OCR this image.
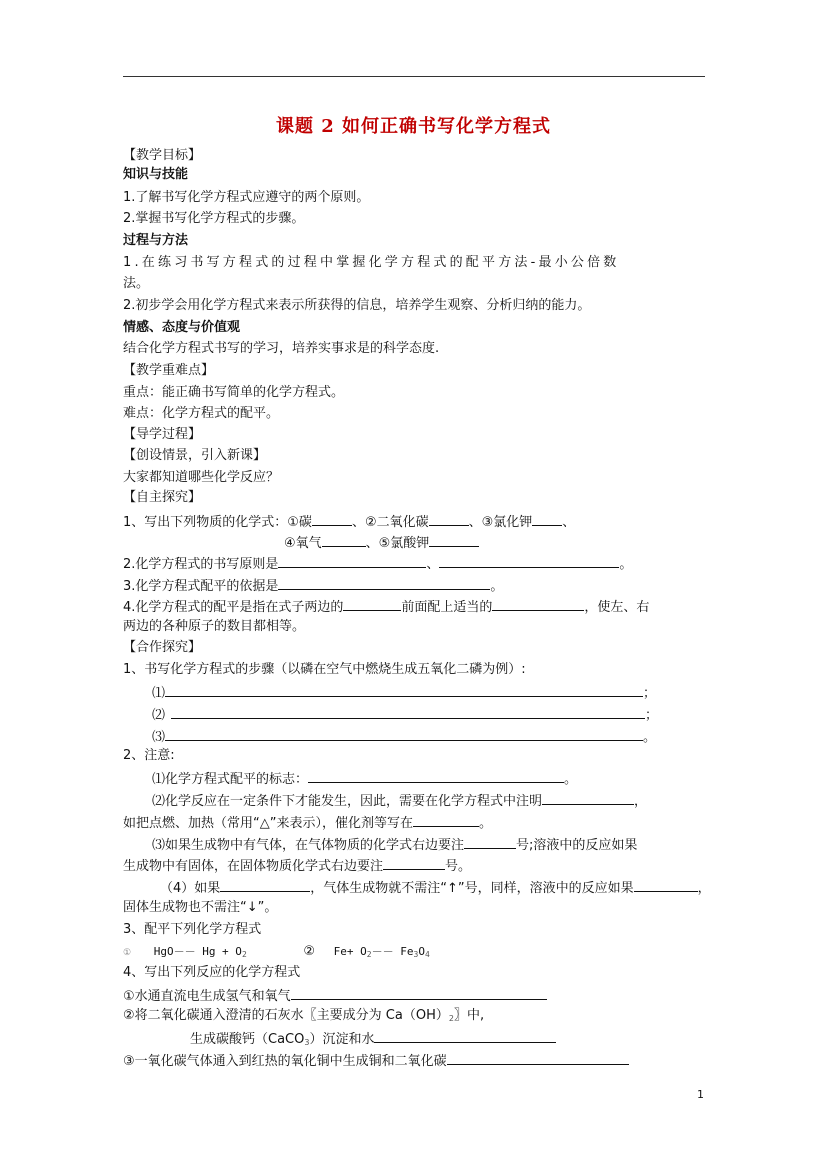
课题 2 如何正确书写化学方程式
【教学目标】
知识与技能
1.了解书写化学方程式应遵守的两个原则。
2.掌握书写化学方程式的步骤。
过程与方法
1.在练习书写方程式的过程中掌握化学方程式的配平方法-最小公倍数
法。
2.初步学会用化学方程式来表示所获得的信息，培养学生观察、分析归纳的能力。
情感、态度与价值观
结合化学方程式书写的学习，培养实事求是的科学态度.
【教学重难点】
重点：能正确书写简单的化学方程式。
难点：化学方程式的配平。
【导学过程】
【创设情景，引入新课】
大家都知道哪些化学反应？
【自主探究】
1、写出下列物质的化学式：①碳	、②二氧化碳	、③氯化钾 、
④氧气	、⑤氯酸钾
2.化学方程式的书写原则是	、	。
3.化学方程式配平的依据是	。
4.化学方程式的配平是指在式子两边的	前面配上适当的	，使左、右
两边的各种原子的数目都相等。
【合作探究】
1、书写化学方程式的步骤（以磷在空气中燃烧生成五氧化二磷为例）:
⑴	；
⑵	；
⑶	。
2、注意:
⑴化学方程式配平的标志：	。
⑵化学反应在一定条件下才能发生，因此，需要在化学方程式中注明	，
如把点燃、加热（常用“△”来表示），催化剂等写在	。
⑶如果生成物中有气体，在气体物质的化学式右边要注	号;溶液中的反应如果
生成物中有固体，在固体物质化学式右边要注	号。
（4）如果	，气体生成物就不需注“↑”号，同样，溶液中的反应如果	，
固体生成物也不需注“↓”。
3、配平下列化学方程式
① $HgO-- Hg + O_2$	② $Fe+ O_2-- Fe_3O_4$
4、写出下列反应的化学方程式
①水通直流电生成氢气和氧气
②将二氧化碳通入澄清的石灰水〖主要成分为 $Ca(OH)_2$〗中,
生成碳酸钙（CaCO$_3$）沉淀和水
③一氧化碳气体通入到红热的氧化铜中生成铜和二氧化碳
1
